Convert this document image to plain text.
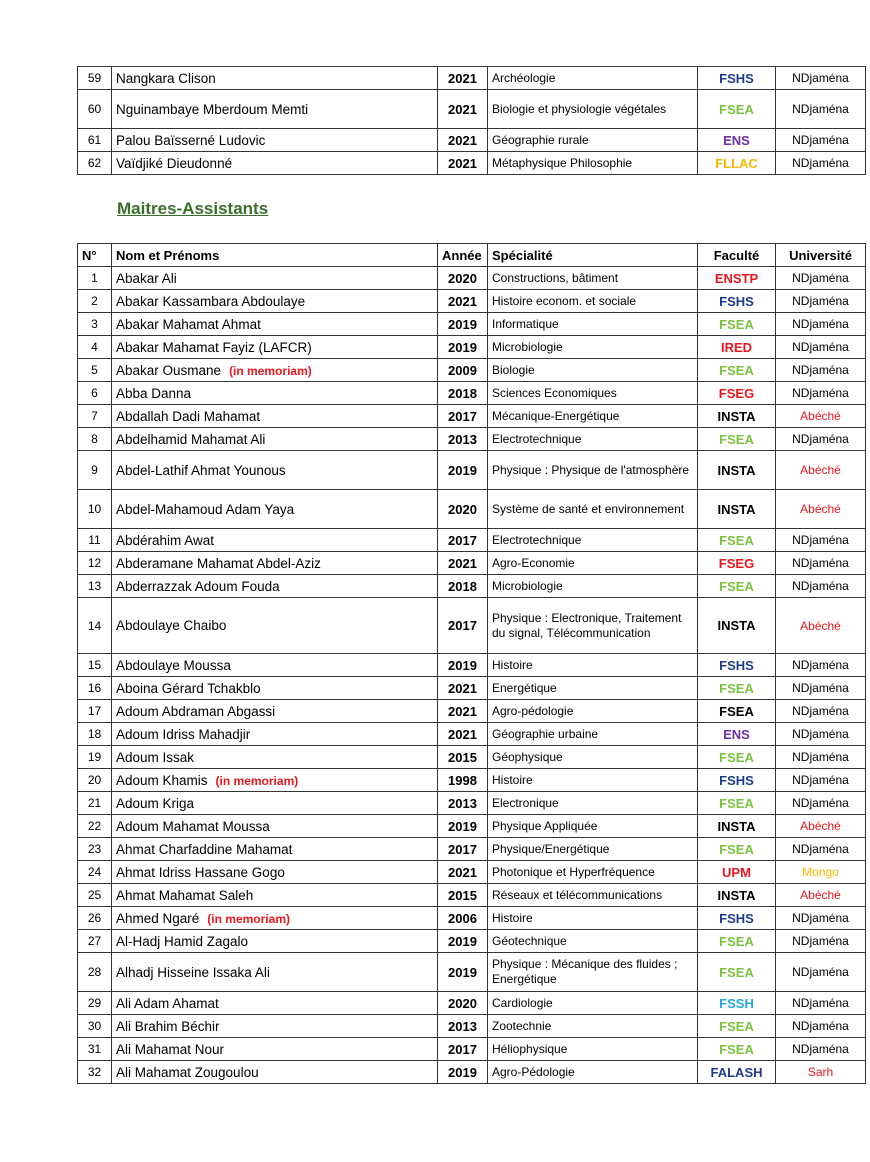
59	Nangkara Clison	2021	Archéologie	FSHS	NDjaména
60	Nguinambaye Mberdoum Memti	2021	Biologie et physiologie végétales	FSEA	NDjaména
61	Palou Baïsserné Ludovic	2021	Géographie rurale	ENS	NDjaména
62	Vaïdjiké Dieudonné	2021	Métaphysique Philosophie	FLLAC	NDjaména
Maitres-Assistants
N°	Nom et Prénoms	Année	Spécialité	Faculté	Université
1	Abakar Ali	2020	Constructions, bâtiment	ENSTP	NDjaména
2	Abakar Kassambara Abdoulaye	2021	Histoire econom. et sociale	FSHS	NDjaména
3	Abakar Mahamat Ahmat	2019	Informatique	FSEA	NDjaména
4	Abakar Mahamat Fayiz (LAFCR)	2019	Microbiologie	IRED	NDjaména
5	Abakar Ousmane (in memoriam)	2009	Biologie	FSEA	NDjaména
6	Abba Danna	2018	Sciences Economiques	FSEG	NDjaména
7	Abdallah Dadi Mahamat	2017	Mécanique-Energétique	INSTA	Abéché
8	Abdelhamid Mahamat Ali	2013	Electrotechnique	FSEA	NDjaména
9	Abdel-Lathif Ahmat Younous	2019	Physique : Physique de l'atmosphère	INSTA	Abéché
10	Abdel-Mahamoud Adam Yaya	2020	Système de santé et environnement	INSTA	Abéché
11	Abdérahim Awat	2017	Electrotechnique	FSEA	NDjaména
12	Abderamane Mahamat Abdel-Aziz	2021	Agro-Economie	FSEG	NDjaména
13	Abderrazzak Adoum Fouda	2018	Microbiologie	FSEA	NDjaména
14	Abdoulaye Chaibo	2017	Physique : Electronique, Traitement du signal, Télécommunication	INSTA	Abéché
15	Abdoulaye Moussa	2019	Histoire	FSHS	NDjaména
16	Aboina Gérard Tchakblo	2021	Energétique	FSEA	NDjaména
17	Adoum Abdraman Abgassi	2021	Agro-pédologie	FSEA	NDjaména
18	Adoum Idriss Mahadjir	2021	Géographie urbaine	ENS	NDjaména
19	Adoum Issak	2015	Géophysique	FSEA	NDjaména
20	Adoum Khamis (in memoriam)	1998	Histoire	FSHS	NDjaména
21	Adoum Kriga	2013	Electronique	FSEA	NDjaména
22	Adoum Mahamat Moussa	2019	Physique Appliquée	INSTA	Abéché
23	Ahmat Charfaddine Mahamat	2017	Physique/Energétique	FSEA	NDjaména
24	Ahmat Idriss Hassane Gogo	2021	Photonique et Hyperfréquence	UPM	Mongo
25	Ahmat Mahamat Saleh	2015	Réseaux et télécommunications	INSTA	Abéché
26	Ahmed Ngaré (in memoriam)	2006	Histoire	FSHS	NDjaména
27	Al-Hadj Hamid Zagalo	2019	Géotechnique	FSEA	NDjaména
28	Alhadj Hisseine Issaka Ali	2019	Physique : Mécanique des fluides ; Energétique	FSEA	NDjaména
29	Ali Adam Ahamat	2020	Cardiologie	FSSH	NDjaména
30	Ali Brahim Béchir	2013	Zootechnie	FSEA	NDjaména
31	Ali Mahamat Nour	2017	Héliophysique	FSEA	NDjaména
32	Ali Mahamat Zougoulou	2019	Agro-Pédologie	FALASH	Sarh
